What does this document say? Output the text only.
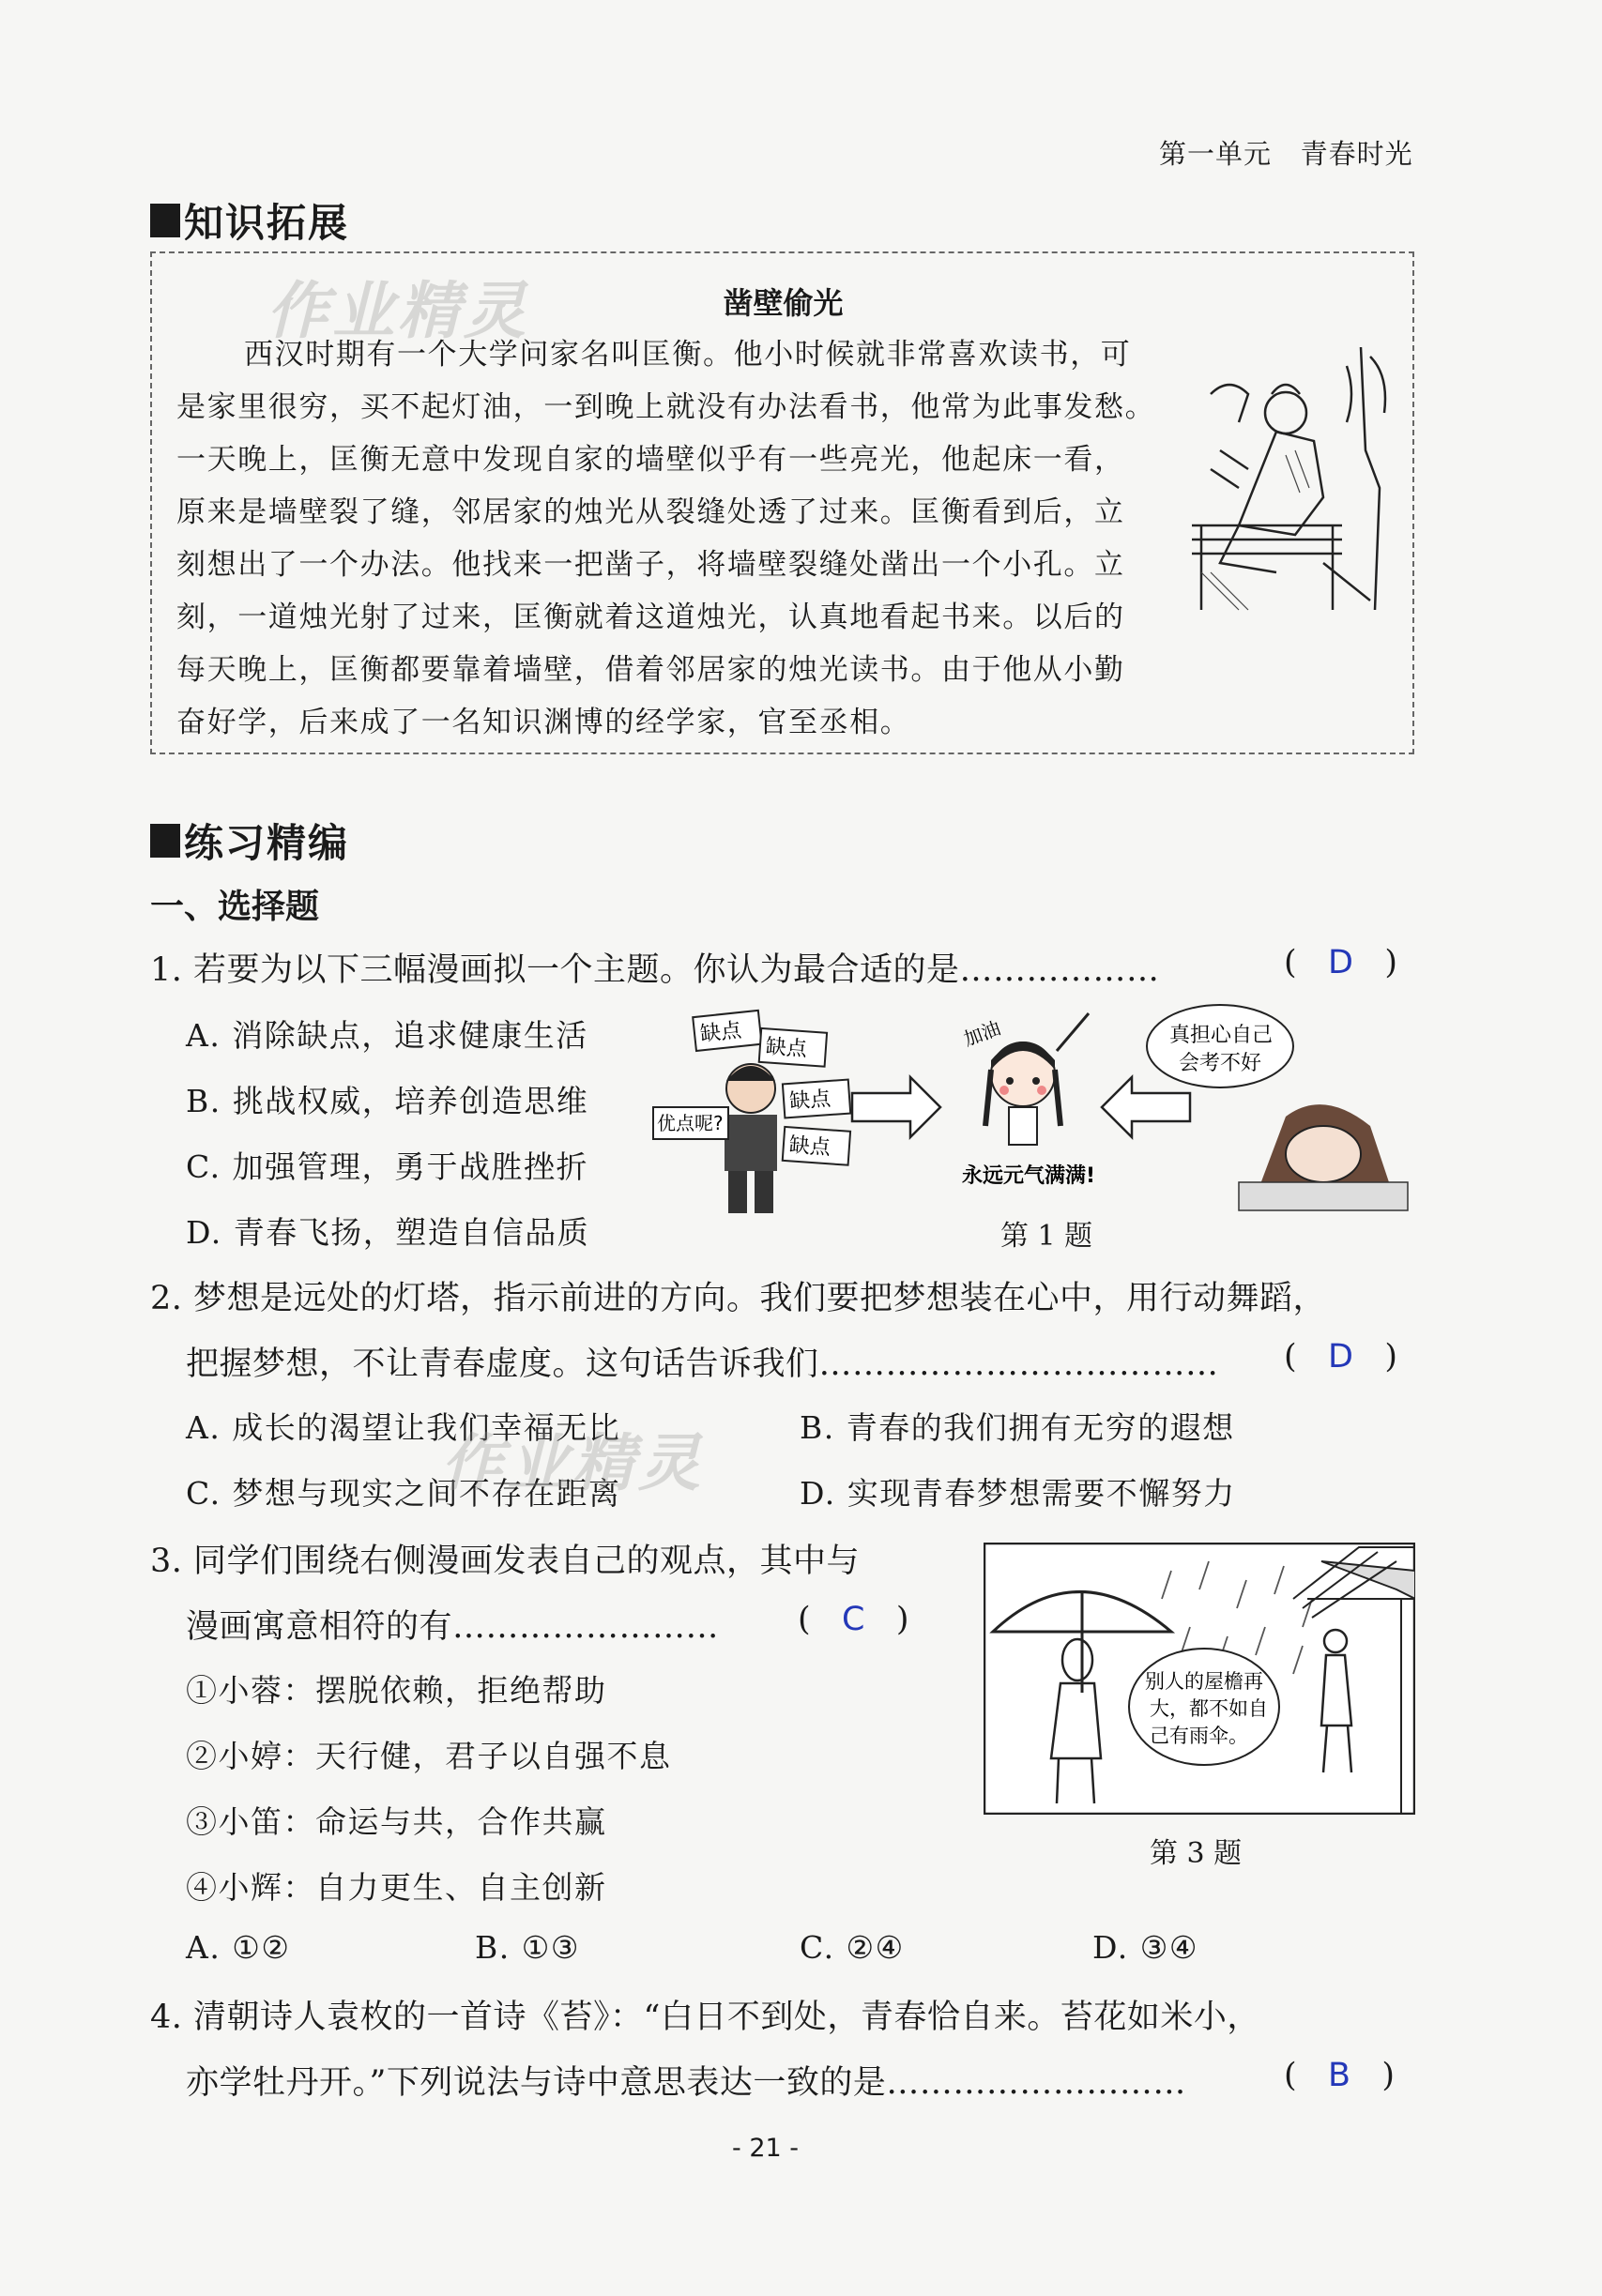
第一单元 青春时光
知识拓展
作业精灵	凿壁偷光
西汉时期有一个大学问家名叫匡衡。他小时候就非常喜欢读书，可
是家里很穷，买不起灯油，一到晚上就没有办法看书，他常为此事发愁。
一天晚上，匡衡无意中发现自家的墙壁似乎有一些亮光，他起床一看，
原来是墙壁裂了缝，邻居家的烛光从裂缝处透了过来。匡衡看到后，立
刻想出了一个办法。他找来一把凿子，将墙壁裂缝处凿出一个小孔。立
刻，一道烛光射了过来，匡衡就着这道烛光，认真地看起书来。以后的
每天晚上，匡衡都要靠着墙壁，借着邻居家的烛光读书。由于他从小勤
奋好学，后来成了一名知识渊博的经学家，官至丞相。
练习精编
一、选择题
1. 若要为以下三幅漫画拟一个主题。你认为最合适的是………………	(   D   )
A. 消除缺点，追求健康生活
B. 挑战权威，培养创造思维
C. 加强管理，勇于战胜挫折
D. 青春飞扬，塑造自信品质
缺点
缺点
优点呢?
缺点
缺点
加油
永远元气满满!
真担心自己
会考不好
第 1 题
2. 梦想是远处的灯塔，指示前进的方向。我们要把梦想装在心中，用行动舞蹈，
把握梦想，不让青春虚度。这句话告诉我们……………………………… (   D   )
A. 成长的渴望让我们幸福无比	B. 青春的我们拥有无穷的遐想
C. 梦想与现实之间不存在距离	D. 实现青春梦想需要不懈努力
作业精灵
3. 同学们围绕右侧漫画发表自己的观点，其中与
漫画寓意相符的有…………………… (   C   )
①小蓉：摆脱依赖，拒绝帮助
②小婷：天行健，君子以自强不息
③小笛：命运与共，合作共赢
④小辉：自力更生、自主创新
A. ①②	B. ①③	C. ②④	D. ③④
别人的屋檐再
大，都不如自
己有雨伞。
第 3 题
4. 清朝诗人袁枚的一首诗《苔》：“白日不到处，青春恰自来。苔花如米小，
亦学牡丹开。”下列说法与诗中意思表达一致的是………………………	(   B   )
- 21 -
